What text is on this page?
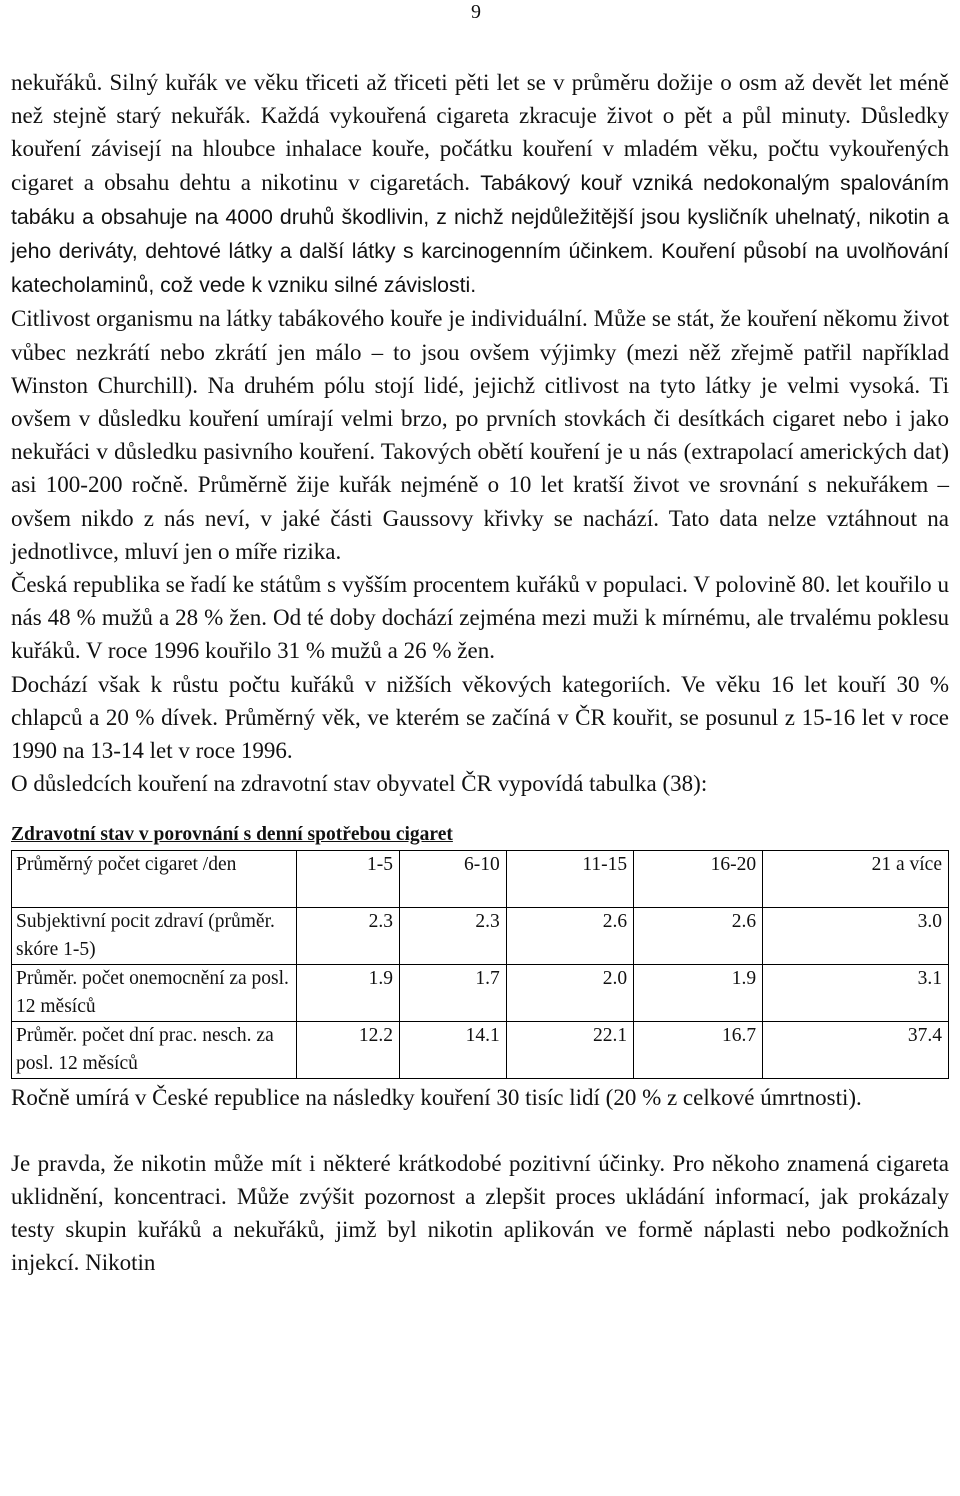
9

nekuřáků. Silný kuřák ve věku třiceti až třiceti pěti let se v průměru dožije o osm až devět let méně než stejně starý nekuřák. Každá vykouřená cigareta zkracuje život o pět a půl minuty. Důsledky kouření závisejí na hloubce inhalace kouře, počátku kouření v mladém věku, počtu vykouřených cigaret a obsahu dehtu a nikotinu v cigaretách. Tabákový kouř vzniká nedokonalým spalováním tabáku a obsahuje na 4000 druhů škodlivin, z nichž nejdůležitější jsou kysličník uhelnatý, nikotin a jeho deriváty, dehtové látky a další látky s karcinogenním účinkem. Kouření působí na uvolňování katecholaminů, což vede k vzniku silné závislosti.

Citlivost organismu na látky tabákového kouře je individuální. Může se stát, že kouření někomu život vůbec nezkrátí nebo zkrátí jen málo – to jsou ovšem výjimky (mezi něž zřejmě patřil například Winston Churchill). Na druhém pólu stojí lidé, jejichž citlivost na tyto látky je velmi vysoká. Ti ovšem v důsledku kouření umírají velmi brzo, po prvních stovkách či desítkách cigaret nebo i jako nekuřáci v důsledku pasivního kouření. Takových obětí kouření je u nás (extrapolací amerických dat) asi 100-200 ročně. Průměrně žije kuřák nejméně o 10 let kratší život ve srovnání s nekuřákem – ovšem nikdo z nás neví, v jaké části Gaussovy křivky se nachází. Tato data nelze vztáhnout na jednotlivce, mluví jen o míře rizika.

Česká republika se řadí ke státům s vyšším procentem kuřáků v populaci. V polovině 80. let kouřilo u nás 48 % mužů a 28 % žen. Od té doby dochází zejména mezi muži k mírnému, ale trvalému poklesu kuřáků. V roce 1996 kouřilo 31 % mužů a 26 % žen.

Dochází však k růstu počtu kuřáků v nižších věkových kategoriích. Ve věku 16 let kouří 30 % chlapců a 20 % dívek. Průměrný věk, ve kterém se začíná v ČR kouřit, se posunul z 15-16 let v roce 1990 na 13-14 let v roce 1996.

O důsledcích kouření na zdravotní stav obyvatel ČR vypovídá tabulka (38):

Zdravotní stav v porovnání s denní spotřebou cigaret
Průměrný počet cigaret /den	1-5	6-10	11-15	16-20	21 a více
Subjektivní pocit zdraví (průměr. skóre 1-5)	2.3	2.3	2.6	2.6	3.0
Průměr. počet onemocnění za posl. 12 měsíců	1.9	1.7	2.0	1.9	3.1
Průměr. počet dní prac. nesch. za posl. 12 měsíců	12.2	14.1	22.1	16.7	37.4

Ročně umírá v České republice na následky kouření 30 tisíc lidí (20 % z celkové úmrtnosti).

Je pravda, že nikotin může mít i některé krátkodobé pozitivní účinky. Pro někoho znamená cigareta uklidnění, koncentraci. Může zvýšit pozornost a zlepšit proces ukládání informací, jak prokázaly testy skupin kuřáků a nekuřáků, jimž byl nikotin aplikován ve formě náplasti nebo podkožních injekcí. Nikotin
